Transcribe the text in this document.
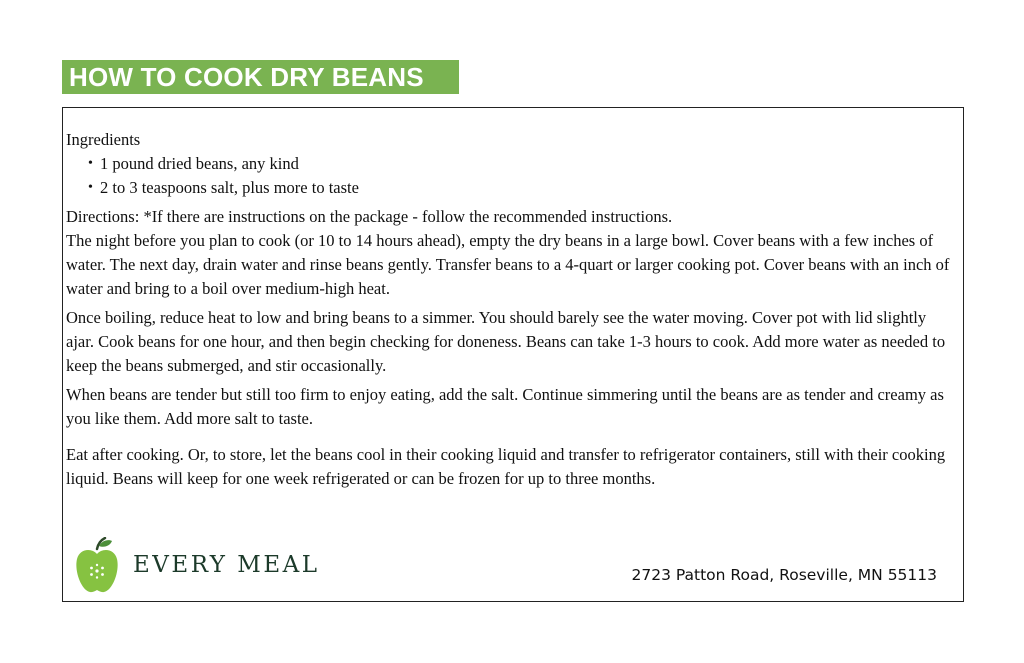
HOW TO COOK DRY BEANS

Ingredients

• 1 pound dried beans, any kind
• 2 to 3 teaspoons salt, plus more to taste

Directions: *If there are instructions on the package - follow the recommended instructions.

The night before you plan to cook (or 10 to 14 hours ahead), empty the dry beans in a large bowl. Cover beans with a few inches of water. The next day, drain water and rinse beans gently. Transfer beans to a 4-quart or larger cooking pot. Cover beans with an inch of water and bring to a boil over medium-high heat.

Once boiling, reduce heat to low and bring beans to a simmer. You should barely see the water moving. Cover pot with lid slightly ajar. Cook beans for one hour, and then begin checking for doneness. Beans can take 1-3 hours to cook. Add more water as needed to keep the beans submerged, and stir occasionally.

When beans are tender but still too firm to enjoy eating, add the salt. Continue simmering until the beans are as tender and creamy as you like them. Add more salt to taste.

Eat after cooking. Or, to store, let the beans cool in their cooking liquid and transfer to refrigerator containers, still with their cooking liquid. Beans will keep for one week refrigerated or can be frozen for up to three months.

EVERY MEAL	2723 Patton Road, Roseville, MN 55113
